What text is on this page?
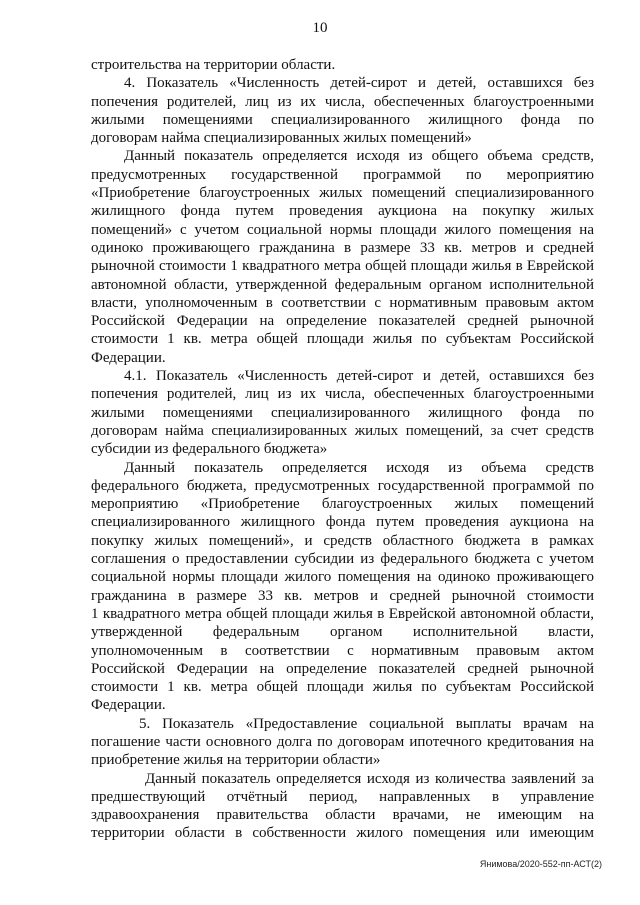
10
строительства на территории области.
4. Показатель «Численность детей-сирот и детей, оставшихся без
попечения родителей, лиц из их числа, обеспеченных благоустроенными
жилыми помещениями специализированного жилищного фонда по
договорам найма специализированных жилых помещений»
Данный показатель определяется исходя из общего объема средств,
предусмотренных государственной программой по мероприятию
«Приобретение благоустроенных жилых помещений специализированного
жилищного фонда путем проведения аукциона на покупку жилых
помещений» с учетом социальной нормы площади жилого помещения на
одиноко проживающего гражданина в размере 33 кв. метров и средней
рыночной стоимости 1 квадратного метра общей площади жилья в Еврейской
автономной области, утвержденной федеральным органом исполнительной
власти, уполномоченным в соответствии с нормативным правовым актом
Российской Федерации на определение показателей средней рыночной
стоимости 1 кв. метра общей площади жилья по субъектам Российской
Федерации.
4.1. Показатель «Численность детей-сирот и детей, оставшихся без
попечения родителей, лиц из их числа, обеспеченных благоустроенными
жилыми помещениями специализированного жилищного фонда по
договорам найма специализированных жилых помещений, за счет средств
субсидии из федерального бюджета»
Данный показатель определяется исходя из объема средств
федерального бюджета, предусмотренных государственной программой по
мероприятию «Приобретение благоустроенных жилых помещений
специализированного жилищного фонда путем проведения аукциона на
покупку жилых помещений», и средств областного бюджета в рамках
соглашения о предоставлении субсидии из федерального бюджета с учетом
социальной нормы площади жилого помещения на одиноко проживающего
гражданина в размере 33 кв. метров и средней рыночной стоимости
1 квадратного метра общей площади жилья в Еврейской автономной области,
утвержденной федеральным органом исполнительной власти,
уполномоченным в соответствии с нормативным правовым актом
Российской Федерации на определение показателей средней рыночной
стоимости 1 кв. метра общей площади жилья по субъектам Российской
Федерации.
5. Показатель «Предоставление социальной выплаты врачам на
погашение части основного долга по договорам ипотечного кредитования на
приобретение жилья на территории области»
Данный показатель определяется исходя из количества заявлений за
предшествующий отчётный период, направленных в управление
здравоохранения правительства области врачами, не имеющим на
территории области в собственности жилого помещения или имеющим
Янимова/2020-552-пп-АСТ(2)
